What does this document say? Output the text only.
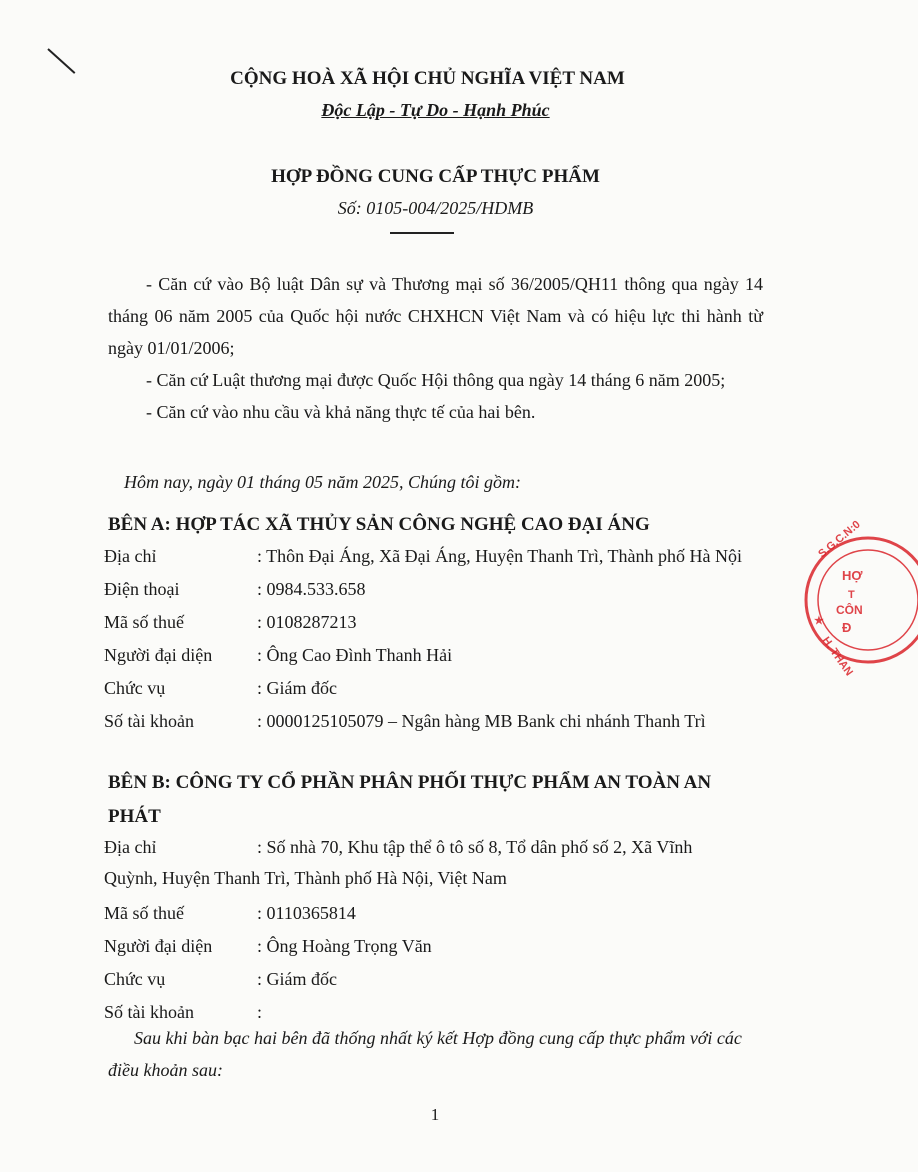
CỘNG HOÀ XÃ HỘI CHỦ NGHĨA VIỆT NAM
Độc Lập - Tự Do - Hạnh Phúc
HỢP ĐỒNG CUNG CẤP THỰC PHẨM
Số: 0105-004/2025/HDMB

- Căn cứ vào Bộ luật Dân sự và Thương mại số 36/2005/QH11 thông qua ngày 14 tháng 06 năm 2005 của Quốc hội nước CHXHCN Việt Nam và có hiệu lực thi hành từ ngày 01/01/2006;

- Căn cứ Luật thương mại được Quốc Hội thông qua ngày 14 tháng 6 năm 2005;

- Căn cứ vào nhu cầu và khả năng thực tế của hai bên.

Hôm nay, ngày 01 tháng 05 năm 2025, Chúng tôi gồm:
BÊN A: HỢP TÁC XÃ THỦY SẢN CÔNG NGHỆ CAO ĐẠI ÁNG
Địa chỉ	: Thôn Đại Áng, Xã Đại Áng, Huyện Thanh Trì, Thành phố Hà Nội
Điện thoại	: 0984.533.658
Mã số thuế	: 0108287213
Người đại diện : Ông Cao Đình Thanh Hải
Chức vụ	: Giám đốc
Số tài khoản	: 0000125105079 – Ngân hàng MB Bank chi nhánh Thanh Trì
BÊN B: CÔNG TY CỔ PHẦN PHÂN PHỐI THỰC PHẨM AN TOÀN AN PHÁT
Địa chỉ	: Số nhà 70, Khu tập thể ô tô số 8, Tổ dân phố số 2, Xã Vĩnh
Quỳnh, Huyện Thanh Trì, Thành phố Hà Nội, Việt Nam
Mã số thuế	: 0110365814
Người đại diện : Ông Hoàng Trọng Văn
Chức vụ	: Giám đốc
Số tài khoản	:
Sau khi bàn bạc hai bên đã thống nhất ký kết Hợp đồng cung cấp thực phẩm với các điều khoản sau:
1
S.G.C.N:0
HỢ
T
CÔN
Đ
★
H. THAN
